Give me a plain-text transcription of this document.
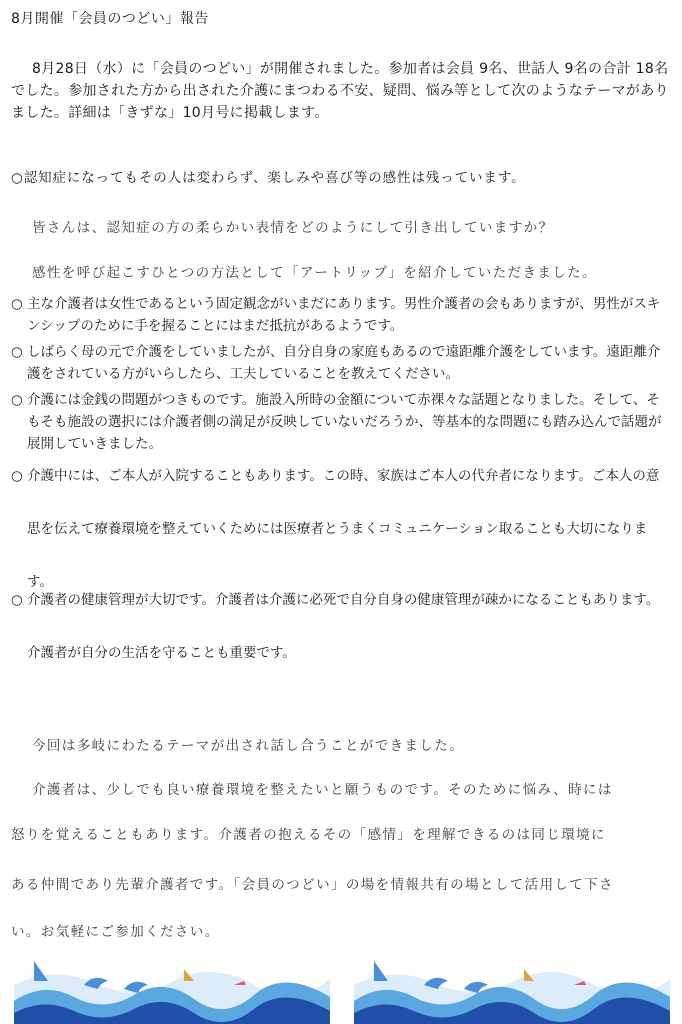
8月開催「会員のつどい」報告
8月28日（水）に「会員のつどい」が開催されました。参加者は会員 9名、世話人 9名の合計 18名でした。参加された方から出された介護にまつわる不安、疑問、悩み等として次のようなテーマがありました。詳細は「きずな」10月号に掲載します。
○認知症になってもその人は変わらず、楽しみや喜び等の感性は残っています。
皆さんは、認知症の方の柔らかい表情をどのようにして引き出していますか？
感性を呼び起こすひとつの方法として「アートリップ」を紹介していただきました。
○ 主な介護者は女性であるという固定観念がいまだにあります。男性介護者の会もありますが、男性がスキンシップのために手を握ることにはまだ抵抗があるようです。
○ しばらく母の元で介護をしていましたが、自分自身の家庭もあるので遠距離介護をしています。遠距離介護をされている方がいらしたら、工夫していることを教えてください。
○ 介護には金銭の問題がつきものです。施設入所時の金額について赤裸々な話題となりました。そして、そもそも施設の選択には介護者側の満足が反映していないだろうか、等基本的な問題にも踏み込んで話題が展開していきました。
○ 介護中には、ご本人が入院することもあります。この時、家族はご本人の代弁者になります。ご本人の意思を伝えて療養環境を整えていくためには医療者とうまくコミュニケーション取ることも大切になります。
○ 介護者の健康管理が大切です。介護者は介護に必死で自分自身の健康管理が疎かになることもあります。介護者が自分の生活を守ることも重要です。
今回は多岐にわたるテーマが出され話し合うことができました。
介護者は、少しでも良い療養環境を整えたいと願うものです。そのために悩み、時には
怒りを覚えることもあります。介護者の抱えるその「感情」を理解できるのは同じ環境に
ある仲間であり先輩介護者です。「会員のつどい」の場を情報共有の場として活用して下さ
い。お気軽にご参加ください。
